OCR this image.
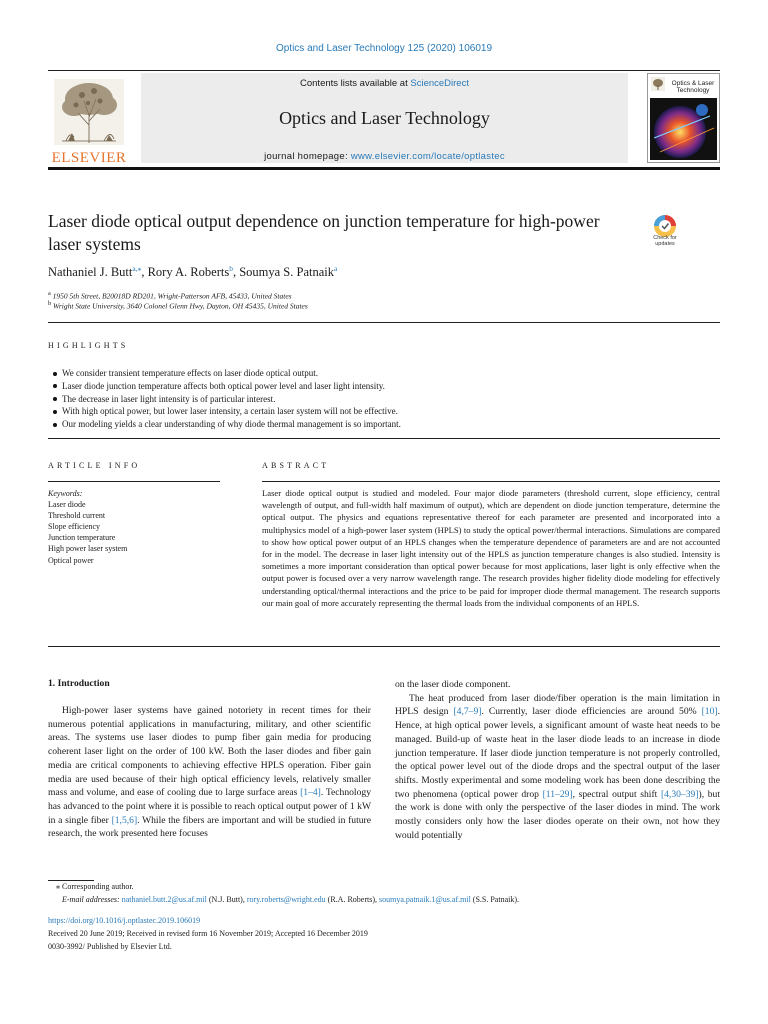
Optics and Laser Technology 125 (2020) 106019
Contents lists available at ScienceDirect
Optics and Laser Technology
journal homepage: www.elsevier.com/locate/optlastec
ELSEVIER
Optics & Laser Technology
Laser diode optical output dependence on junction temperature for high-power laser systems	Check for updates
Nathaniel J. Butt$^{a,⁎}$, Rory A. Roberts$^b$, Soumya S. Patnaik$^a$
$^a$ 1950 5th Street, B20018D RD201, Wright-Patterson AFB, 45433, United States
$^b$ Wright State University, 3640 Colonel Glenn Hwy, Dayton, OH 45435, United States
HIGHLIGHTS
We consider transient temperature effects on laser diode optical output.
Laser diode junction temperature affects both optical power level and laser light intensity.
The decrease in laser light intensity is of particular interest.
With high optical power, but lower laser intensity, a certain laser system will not be effective.
Our modeling yields a clear understanding of why diode thermal management is so important.
ARTICLE INFO	ABSTRACT
Keywords:
Laser diode
Threshold current
Slope efficiency
Junction temperature
High power laser system
Optical power

Laser diode optical output is studied and modeled. Four major diode parameters (threshold current, slope efficiency, central wavelength of output, and full-width half maximum of output), which are dependent on diode junction temperature, determine the optical output. The physics and equations representative thereof for each parameter are presented and incorporated into a multiphysics model of a high-power laser system (HPLS) to study the optical power/thermal interactions. Simulations are compared to show how optical power output of an HPLS changes when the temperature dependence of parameters are and are not accounted for in the model. The decrease in laser light intensity out of the HPLS as junction temperature changes is also studied. Intensity is sometimes a more important consideration than optical power because for most applications, laser light is only effective when the output power is focused over a very narrow wavelength range. The research provides higher fidelity diode modeling for effectively understanding optical/thermal interactions and the price to be paid for improper diode thermal management. The research supports our main goal of more accurately representing the thermal loads from the individual components of an HPLS.

1. Introduction

High-power laser systems have gained notoriety in recent times for their numerous potential applications in manufacturing, military, and other scientific areas. The systems use laser diodes to pump fiber gain media for producing coherent laser light on the order of 100 kW. Both the laser diodes and fiber gain media are critical components to achieving effective HPLS operation. Fiber gain media are used because of their high optical efficiency levels, relatively smaller mass and volume, and ease of cooling due to large surface areas [1–4]. Technology has advanced to the point where it is possible to reach optical output power of 1 kW in a single fiber [1,5,6]. While the fibers are important and will be studied in future research, the work presented here focuses

on the laser diode component.

The heat produced from laser diode/fiber operation is the main limitation in HPLS design [4,7–9]. Currently, laser diode efficiencies are around 50% [10]. Hence, at high optical power levels, a significant amount of waste heat needs to be managed. Build-up of waste heat in the laser diode leads to an increase in diode junction temperature. If laser diode junction temperature is not properly controlled, the optical power level out of the diode drops and the spectral output of the laser shifts. Mostly experimental and some modeling work has been done describing the two phenomena (optical power drop [11–29], spectral output shift [4,30–39]), but the work is done with only the perspective of the laser diodes in mind. The work mostly considers only how the laser diodes operate on their own, not how they would potentially

⁎ Corresponding author.
E-mail addresses: nathaniel.butt.2@us.af.mil (N.J. Butt), rory.roberts@wright.edu (R.A. Roberts), soumya.patnaik.1@us.af.mil (S.S. Patnaik).
https://doi.org/10.1016/j.optlastec.2019.106019
Received 20 June 2019; Received in revised form 16 November 2019; Accepted 16 December 2019
0030-3992/ Published by Elsevier Ltd.
